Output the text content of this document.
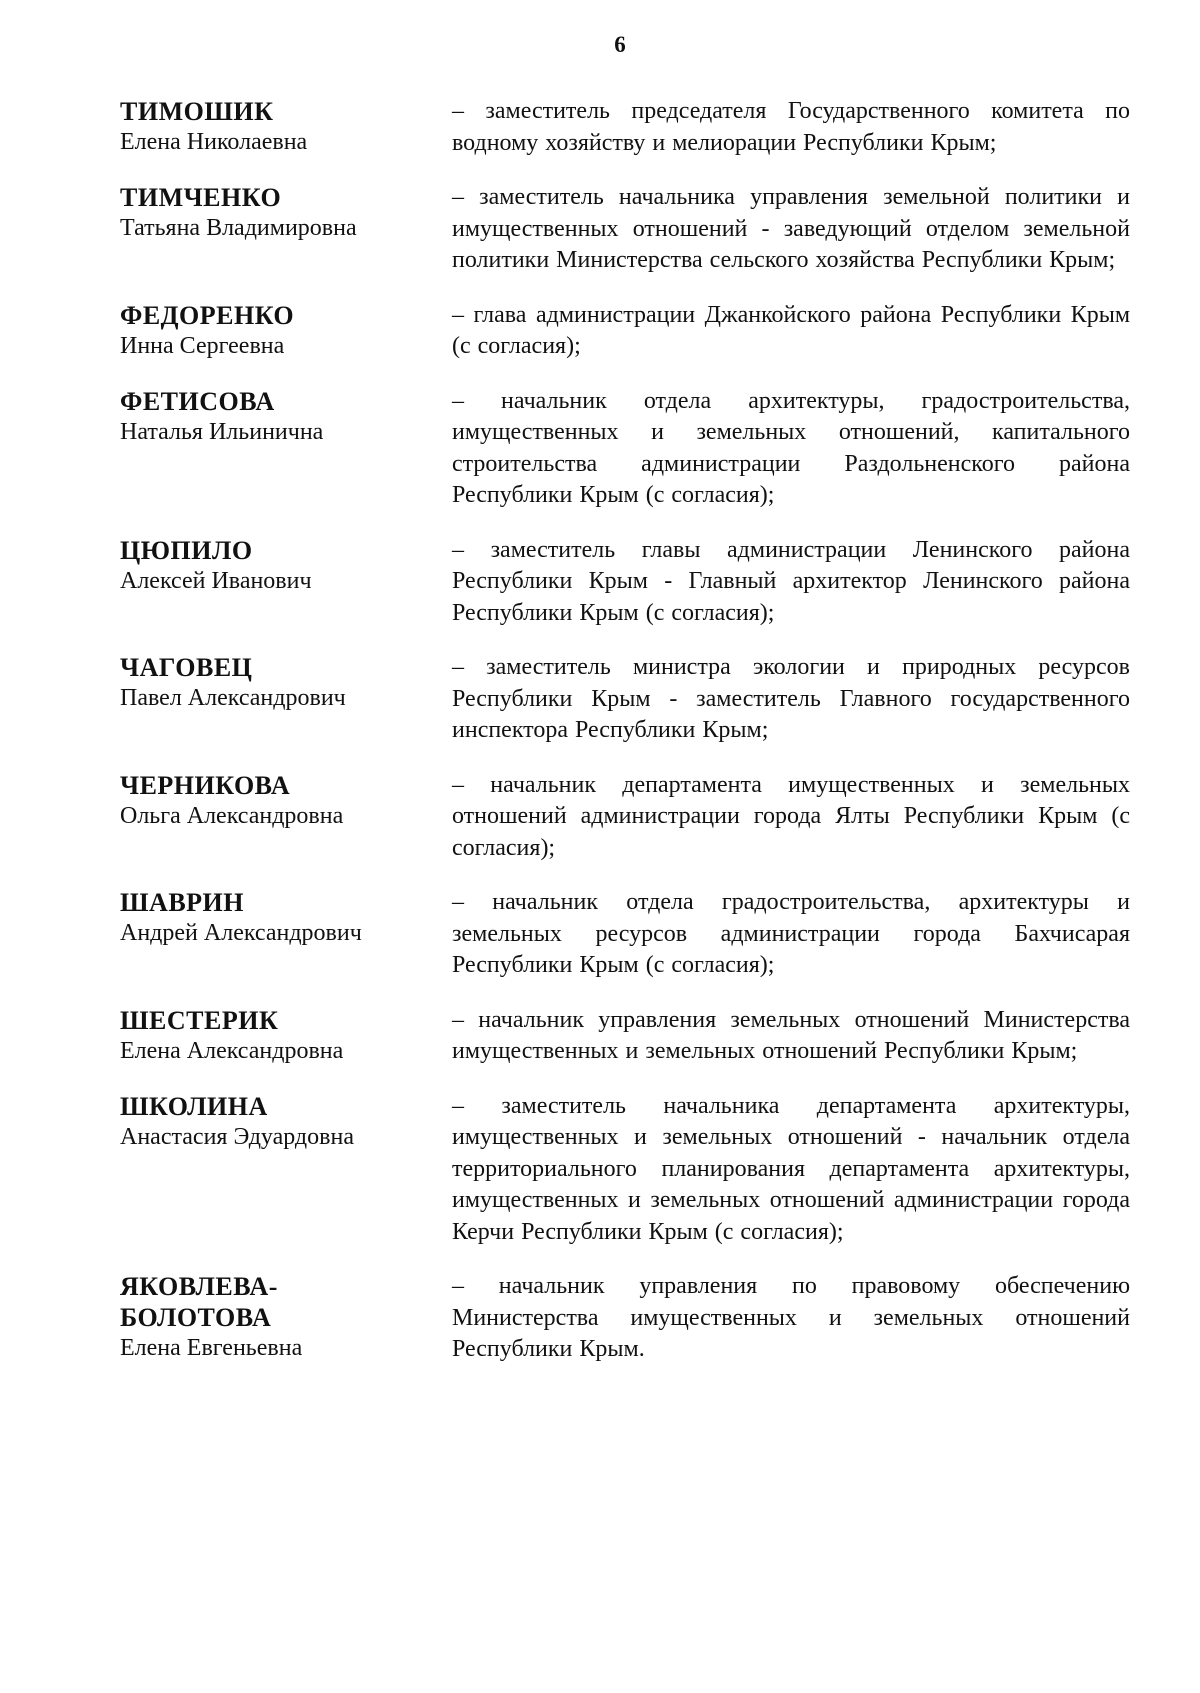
6
ТИМОШИК
Елена Николаевна
– заместитель председателя Государственного комитета по водному хозяйству и мелиорации Республики Крым;
ТИМЧЕНКО
Татьяна Владимировна
– заместитель начальника управления земельной политики и имущественных отношений - заведующий отделом земельной политики Министерства сельского хозяйства Республики Крым;
ФЕДОРЕНКО
Инна Сергеевна
– глава администрации Джанкойского района Республики Крым (с согласия);
ФЕТИСОВА
Наталья Ильинична
– начальник отдела архитектуры, градостроительства, имущественных и земельных отношений, капитального строительства администрации Раздольненского района Республики Крым (с согласия);
ЦЮПИЛО
Алексей Иванович
– заместитель главы администрации Ленинского района Республики Крым - Главный архитектор Ленинского района Республики Крым (с согласия);
ЧАГОВЕЦ
Павел Александрович
– заместитель министра экологии и природных ресурсов Республики Крым - заместитель Главного государственного инспектора Республики Крым;
ЧЕРНИКОВА
Ольга Александровна
– начальник департамента имущественных и земельных отношений администрации города Ялты Республики Крым (с согласия);
ШАВРИН
Андрей Александрович
– начальник отдела градостроительства, архитектуры и земельных ресурсов администрации города Бахчисарая Республики Крым (с согласия);
ШЕСТЕРИК
Елена Александровна
– начальник управления земельных отношений Министерства имущественных и земельных отношений Республики Крым;
ШКОЛИНА
Анастасия Эдуардовна
– заместитель начальника департамента архитектуры, имущественных и земельных отношений - начальник отдела территориального планирования департамента архитектуры, имущественных и земельных отношений администрации города Керчи Республики Крым (с согласия);
ЯКОВЛЕВА-БОЛОТОВА
Елена Евгеньевна
– начальник управления по правовому обеспечению Министерства имущественных и земельных отношений Республики Крым.
